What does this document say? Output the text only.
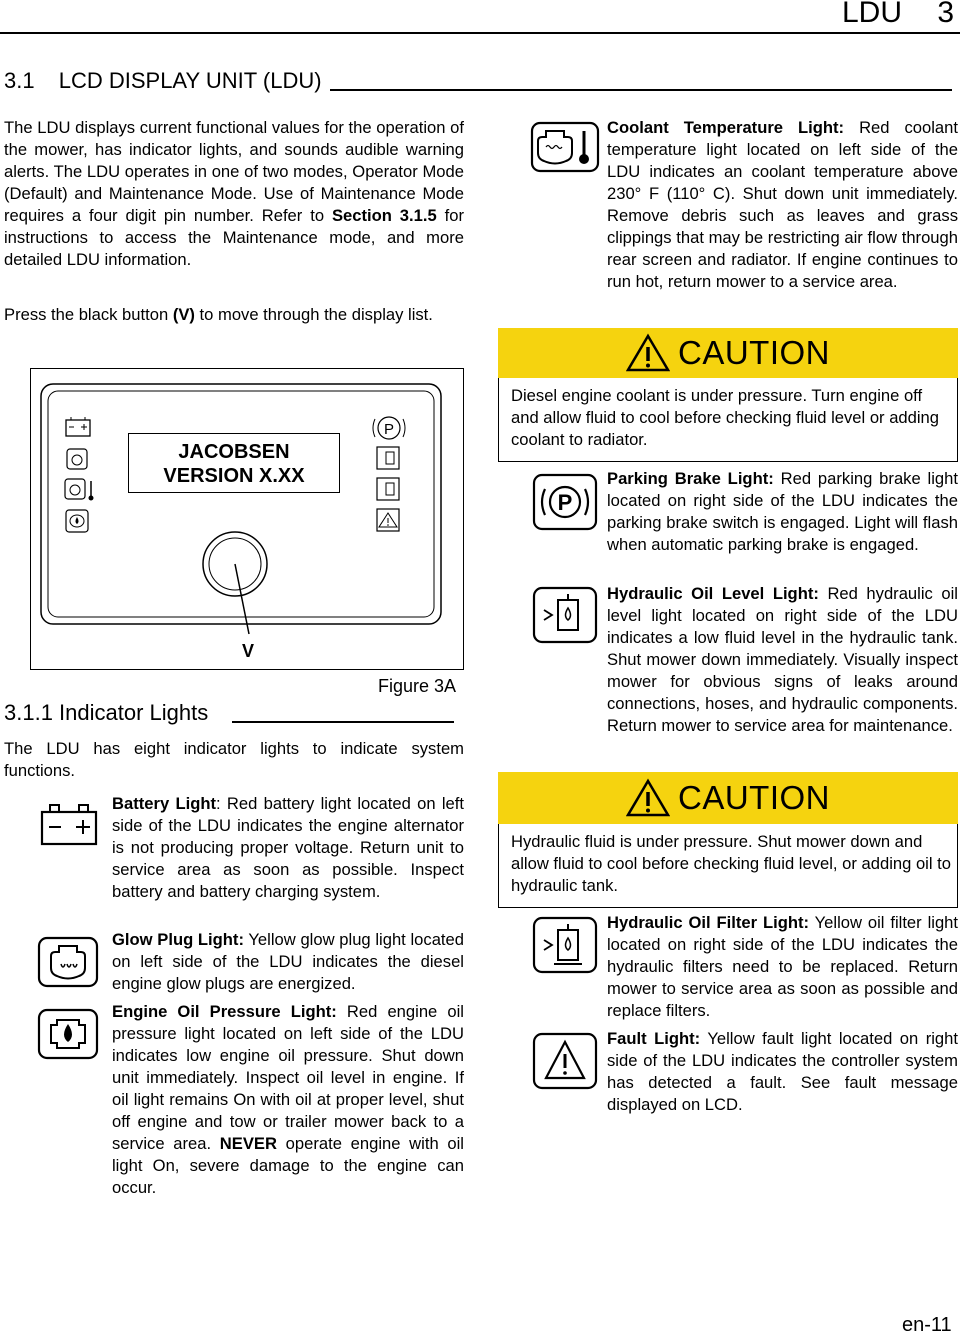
LDU 3
3.1 LCD DISPLAY UNIT (LDU)
The LDU displays current functional values for the operation of the mower, has indicator lights, and sounds audible warning alerts. The LDU operates in one of two modes, Operator Mode (Default) and Maintenance Mode. Use of Maintenance Mode requires a four digit pin number. Refer to Section 3.1.5 for instructions to access the Maintenance mode, and more detailed LDU information.
Press the black button (V) to move through the display list.
P
JACOBSEN
VERSION X.XX
V
Figure 3A
3.1.1 Indicator Lights
The LDU has eight indicator lights to indicate system functions.
Battery Light: Red battery light located on left side of the LDU indicates the engine alternator is not producing proper voltage. Return unit to service area as soon as possible. Inspect battery and battery charging system.
Glow Plug Light: Yellow glow plug light located on left side of the LDU indicates the diesel engine glow plugs are energized.
Engine Oil Pressure Light: Red engine oil pressure light located on left side of the LDU indicates low engine oil pressure. Shut down unit immediately. Inspect oil level in engine. If oil light remains On with oil at proper level, shut off engine and tow or trailer mower back to a service area. NEVER operate engine with oil light On, severe damage to the engine can occur.
P
Coolant Temperature Light: Red coolant temperature light located on left side of the LDU indicates an coolant temperature above 230° F (110° C). Shut down unit immediately. Remove debris such as leaves and grass clippings that may be restricting air flow through rear screen and radiator. If engine continues to run hot, return mower to a service area.
CAUTION
Diesel engine coolant is under pressure. Turn engine off and allow fluid to cool before checking fluid level or adding coolant to radiator.
Parking Brake Light: Red parking brake light located on right side of the LDU indicates the parking brake switch is engaged. Light will flash when automatic parking brake is engaged.
Hydraulic Oil Level Light: Red hydraulic oil level light located on right side of the LDU indicates a low fluid level in the hydraulic tank. Shut mower down immediately. Visually inspect mower for obvious signs of leaks around connections, hoses, and hydraulic components. Return mower to service area for maintenance.
CAUTION
Hydraulic fluid is under pressure. Shut mower down and allow fluid to cool before checking fluid level, or adding oil to hydraulic tank.
Hydraulic Oil Filter Light: Yellow oil filter light located on right side of the LDU indicates the hydraulic filters need to be replaced. Return mower to service area as soon as possible and replace filters.
Fault Light: Yellow fault light located on right side of the LDU indicates the controller system has detected a fault. See fault message displayed on LCD.
en-11
